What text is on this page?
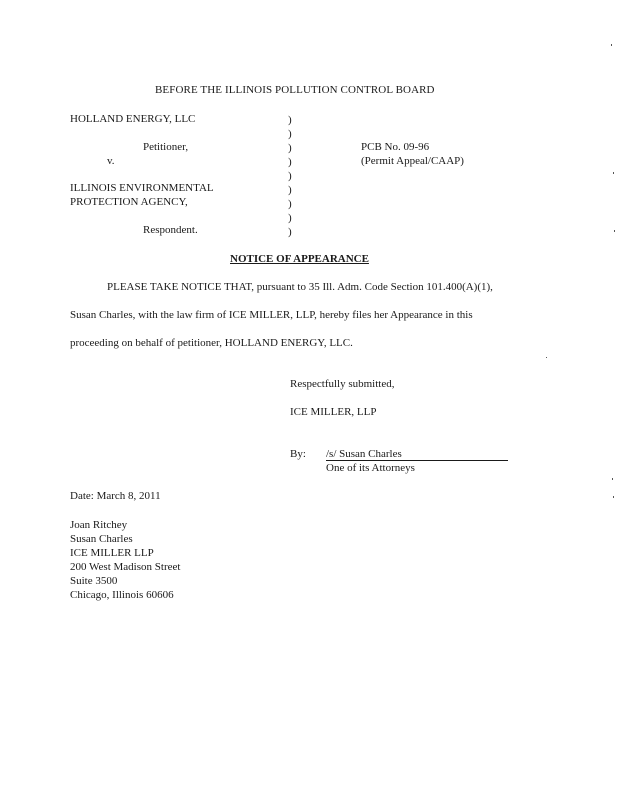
BEFORE THE ILLINOIS POLLUTION CONTROL BOARD
HOLLAND ENERGY, LLC
Petitioner,
v.
ILLINOIS ENVIRONMENTAL
PROTECTION AGENCY,
Respondent.
)
)
)
)
)
)
)
)
)
PCB No. 09-96
(Permit Appeal/CAAP)
NOTICE OF APPEARANCE
PLEASE TAKE NOTICE THAT, pursuant to 35 Ill. Adm. Code Section 101.400(A)(1),
Susan Charles, with the law firm of ICE MILLER, LLP, hereby files her Appearance in this
proceeding on behalf of petitioner, HOLLAND ENERGY, LLC.
Respectfully submitted,
ICE MILLER, LLP
By: /s/ Susan Charles
One of its Attorneys
Date: March 8, 2011
Joan Ritchey
Susan Charles
ICE MILLER LLP
200 West Madison Street
Suite 3500
Chicago, Illinois 60606
